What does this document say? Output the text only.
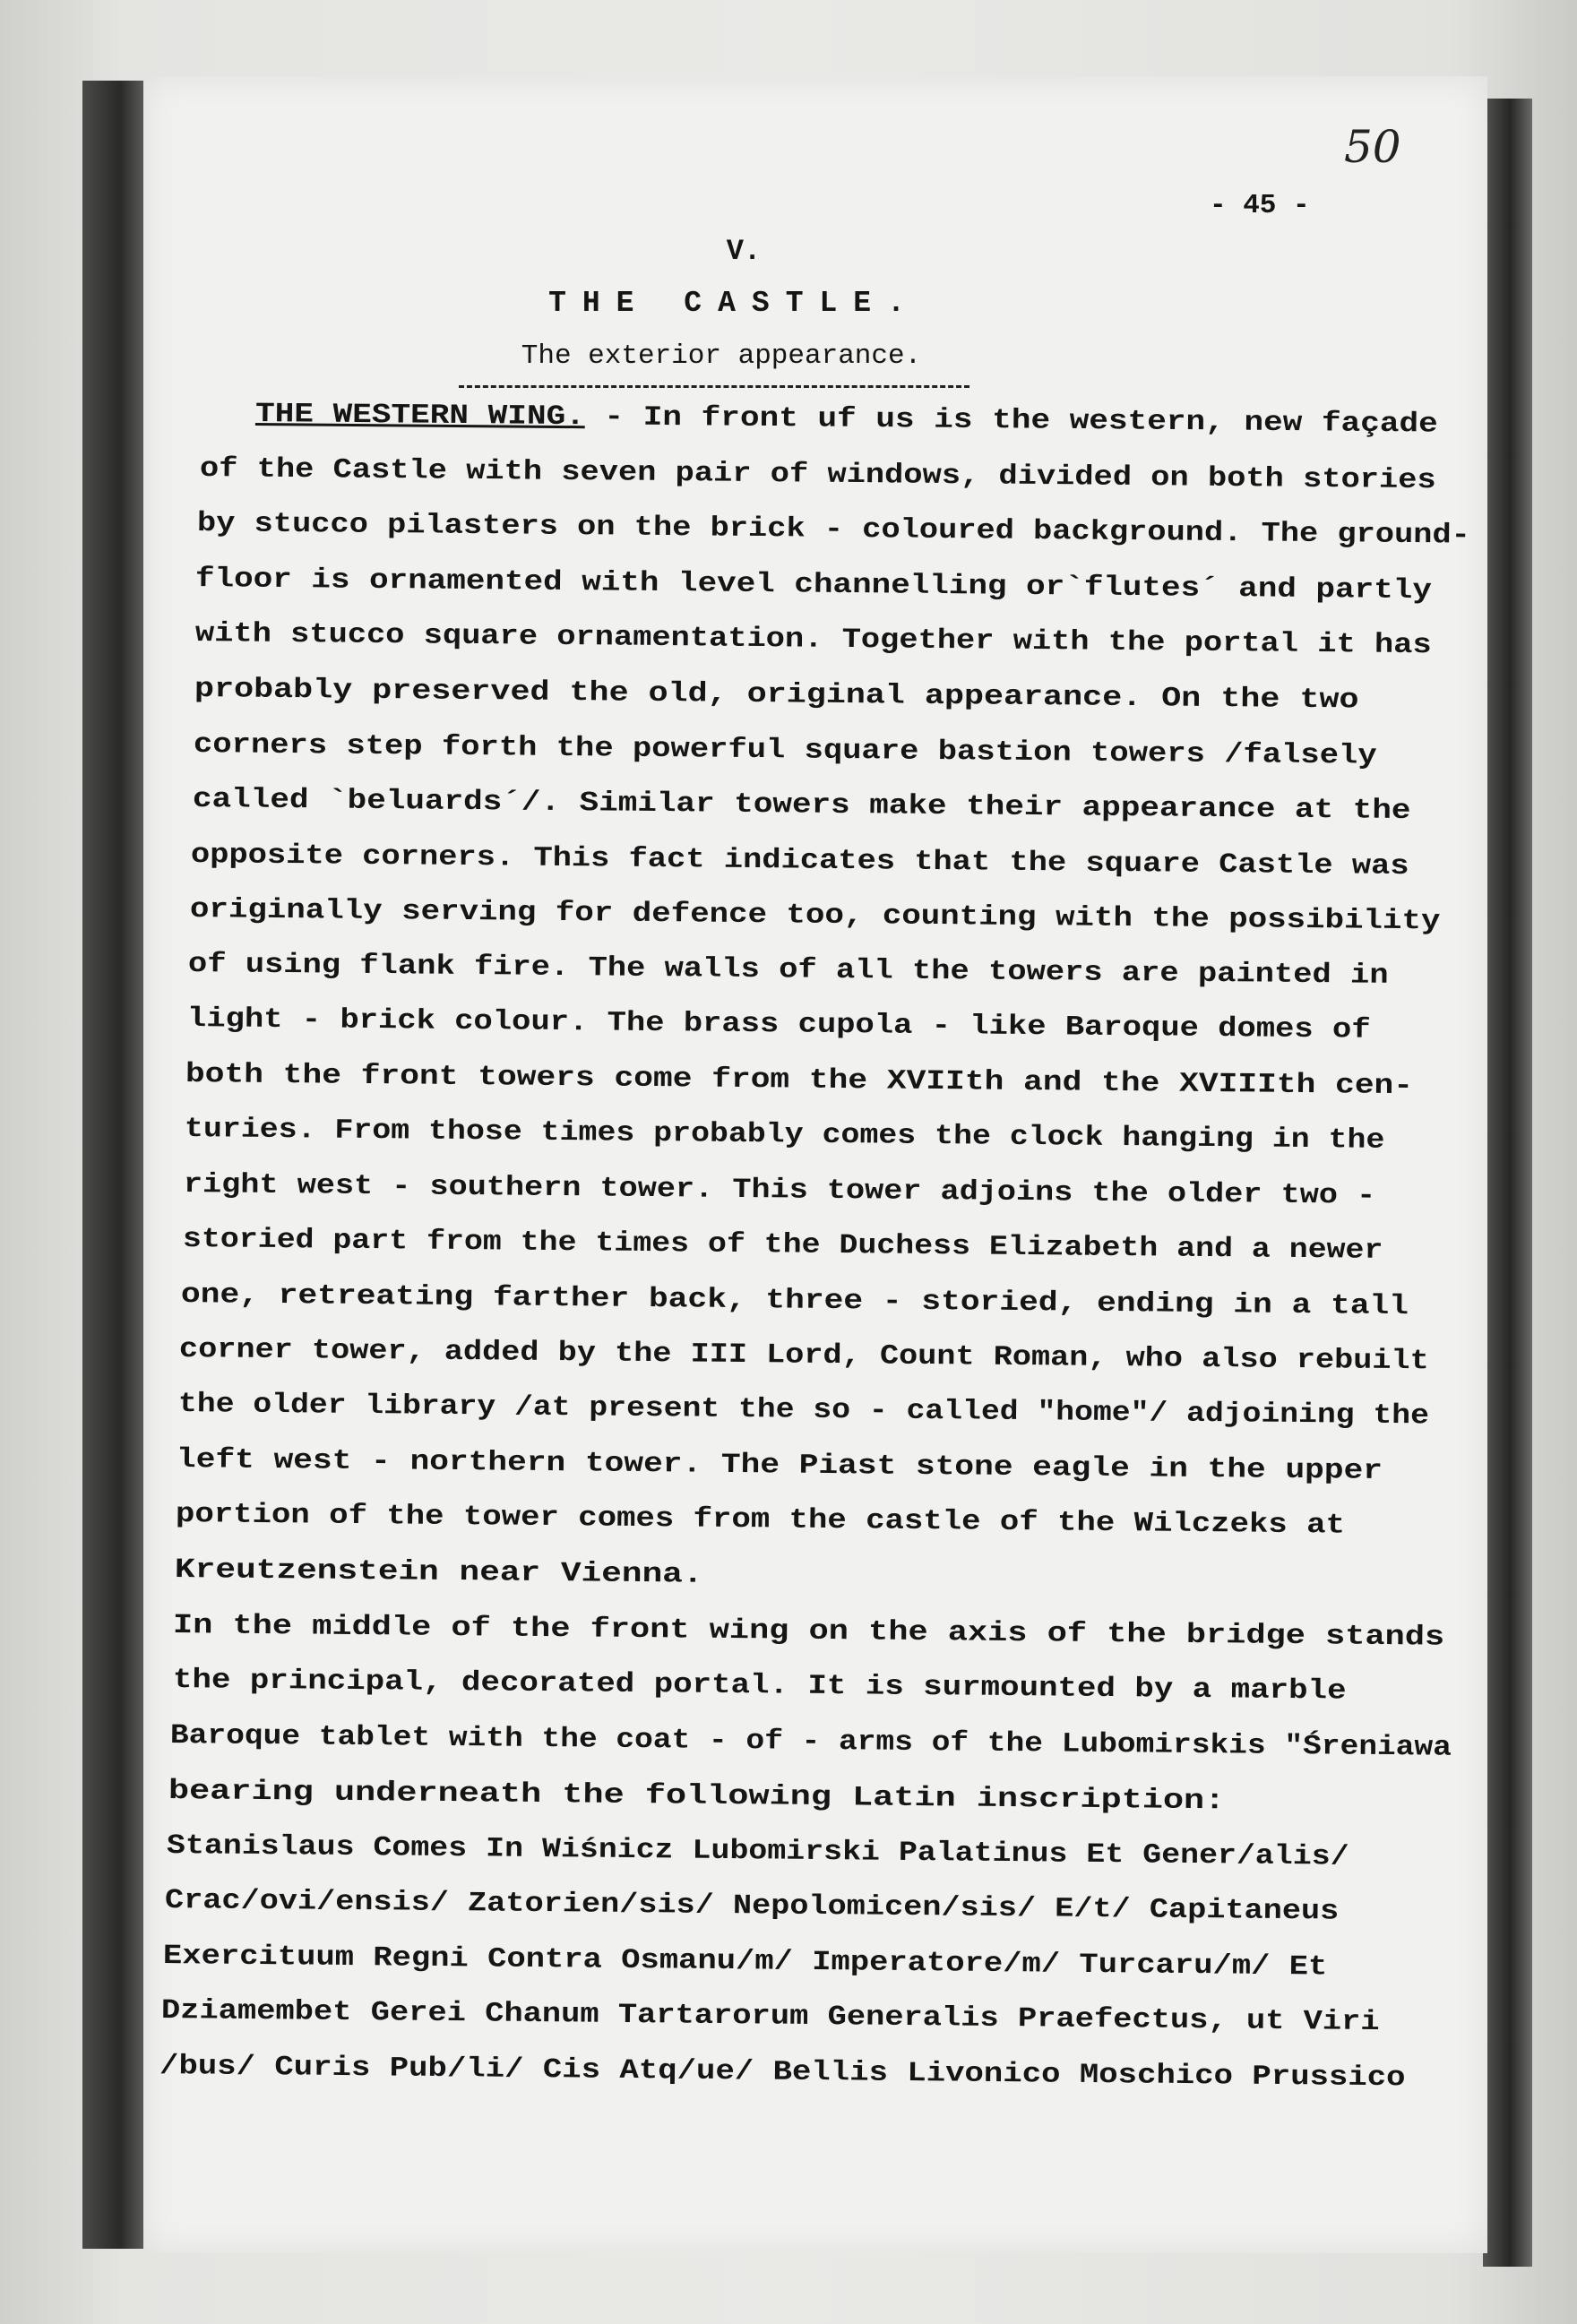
50
- 45 -
V.
THE CASTLE.
The exterior appearance.
THE WESTERN WING. - In front uf us is the western, new façade
of the Castle with seven pair of windows, divided on both stories
by stucco pilasters on the brick - coloured background. The ground-
floor is ornamented with level channelling or`flutes´ and partly
with stucco square ornamentation. Together with the portal it has
probably preserved the old, original appearance. On the two
corners step forth the powerful square bastion towers /falsely
called `beluards´/. Similar towers make their appearance at the
opposite corners. This fact indicates that the square Castle was
originally serving for defence too, counting with the possibility
of using flank fire. The walls of all the towers are painted in
light - brick colour. The brass cupola - like Baroque domes of
both the front towers come from the XVIIth and the XVIIIth cen-
turies. From those times probably comes the clock hanging in the
right west - southern tower. This tower adjoins the older two -
storied part from the times of the Duchess Elizabeth and a newer
one, retreating farther back, three - storied, ending in a tall
corner tower, added by the III Lord, Count Roman, who also rebuilt
the older library /at present the so - called "home"/ adjoining the
left west - northern tower. The Piast stone eagle in the upper
portion of the tower comes from the castle of the Wilczeks at
Kreutzenstein near Vienna.
In the middle of the front wing on the axis of the bridge stands
the principal, decorated portal. It is surmounted by a marble
Baroque tablet with the coat - of - arms of the Lubomirskis "Śreniawa
bearing underneath the following Latin inscription:
Stanislaus Comes In Wiśnicz Lubomirski Palatinus Et Gener/alis/
Crac/ovi/ensis/ Zatorien/sis/ Nepolomicen/sis/ E/t/ Capitaneus
Exercituum Regni Contra Osmanu/m/ Imperatore/m/ Turcaru/m/ Et
Dziamembet Gerei Chanum Tartarorum Generalis Praefectus, ut Viri
/bus/ Curis Pub/li/ Cis Atq/ue/ Bellis Livonico Moschico Prussico
